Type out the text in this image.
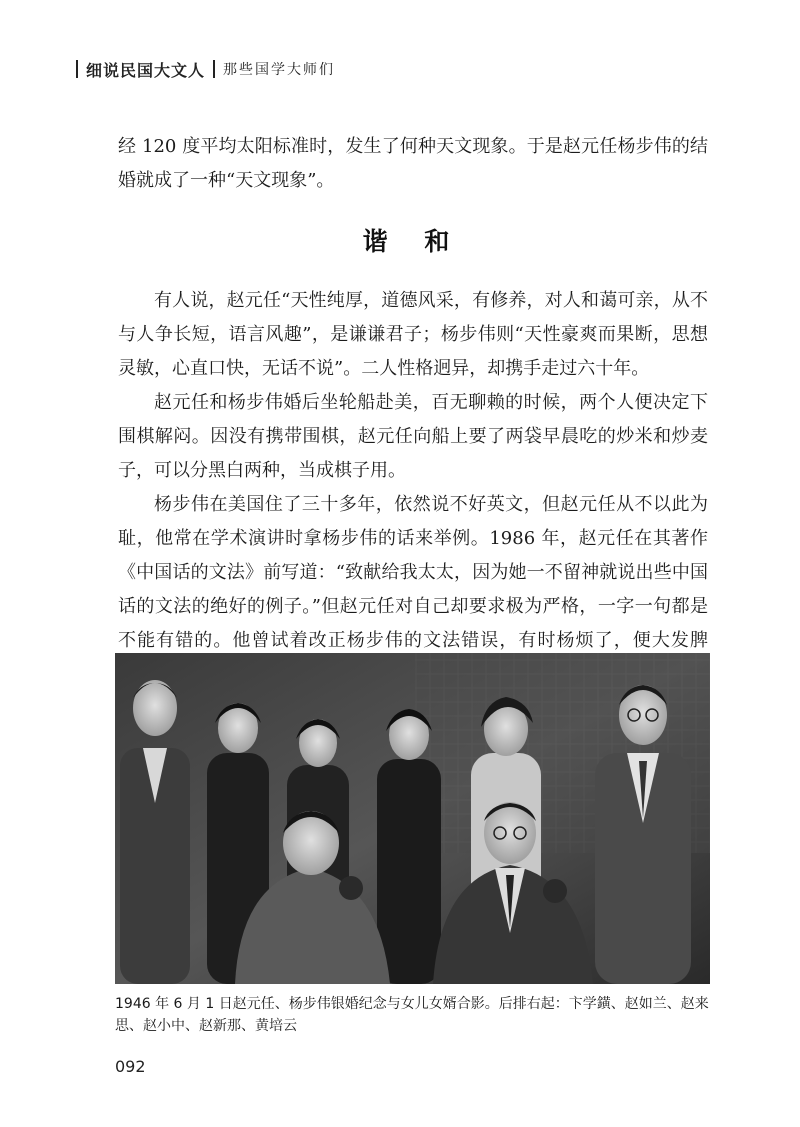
细说民国大文人 那些国学大师们

经 120 度平均太阳标准时，发生了何种天文现象。于是赵元任杨步伟的结婚就成了一种“天文现象”。

谐 和

有人说，赵元任“天性纯厚，道德风采，有修养，对人和蔼可亲，从不与人争长短，语言风趣”，是谦谦君子；杨步伟则“天性豪爽而果断，思想灵敏，心直口快，无话不说”。二人性格迥异，却携手走过六十年。

赵元任和杨步伟婚后坐轮船赴美，百无聊赖的时候，两个人便决定下围棋解闷。因没有携带围棋，赵元任向船上要了两袋早晨吃的炒米和炒麦子，可以分黑白两种，当成棋子用。

杨步伟在美国住了三十多年，依然说不好英文，但赵元任从不以此为耻，他常在学术演讲时拿杨步伟的话来举例。1986 年，赵元任在其著作《中国话的文法》前写道：“致献给我太太，因为她一不留神就说出些中国话的文法的绝好的例子。”但赵元任对自己却要求极为严格，一字一句都是不能有错的。他曾试着改正杨步伟的文法错误，有时杨烦了，便大发脾

1946 年 6 月 1 日赵元任、杨步伟银婚纪念与女儿女婿合影。后排右起：卞学鐄、赵如兰、赵来思、赵小中、赵新那、黄培云
092
